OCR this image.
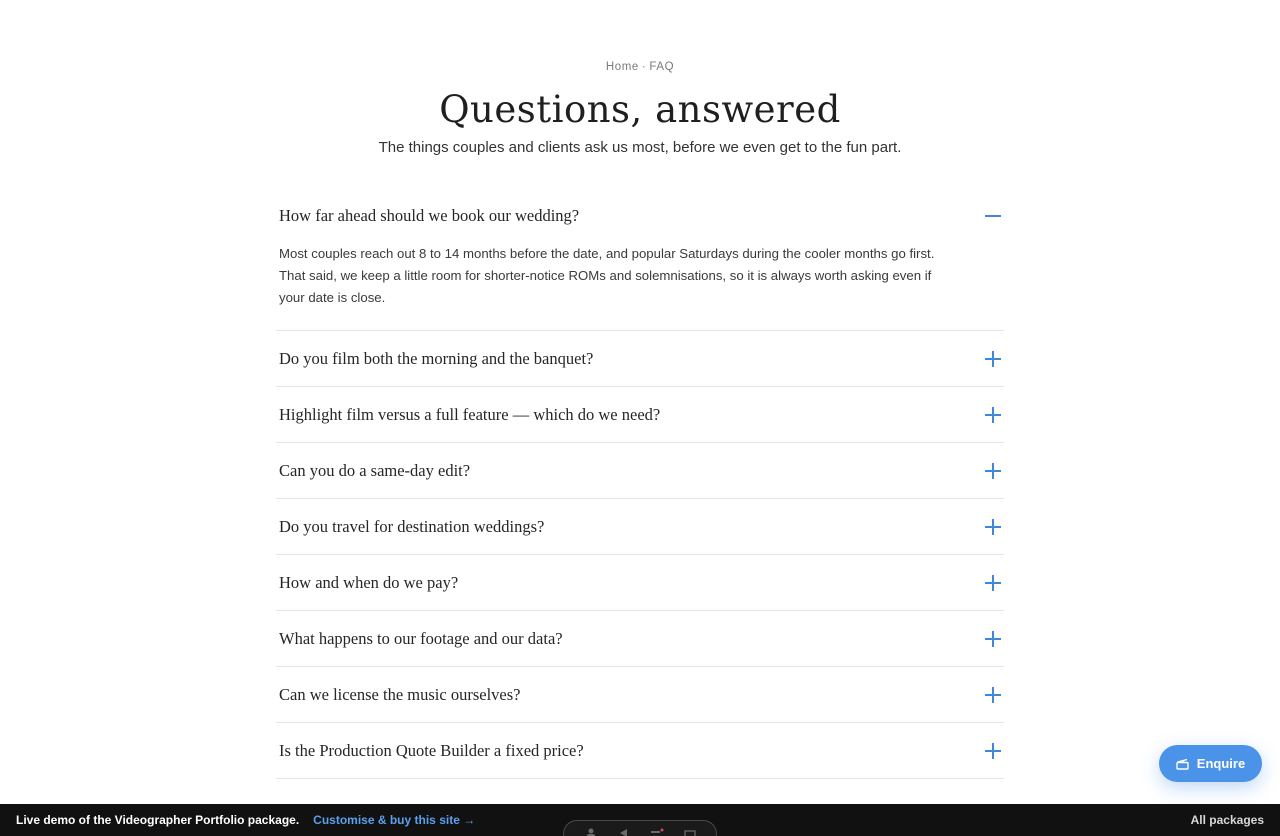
Home · FAQ
Questions, answered

The things couples and clients ask us most, before we even get to the fun part.

How far ahead should we book our wedding?
Most couples reach out 8 to 14 months before the date, and popular Saturdays during the cooler months go first. That said, we keep a little room for shorter-notice ROMs and solemnisations, so it is always worth asking even if your date is close.
Do you film both the morning and the banquet?
Highlight film versus a full feature — which do we need?
Can you do a same-day edit?
Do you travel for destination weddings?
How and when do we pay?
What happens to our footage and our data?
Can we license the music ourselves?
Is the Production Quote Builder a fixed price?
Enquire
Live demo of the Videographer Portfolio package. Customise & buy this site →	All packages
